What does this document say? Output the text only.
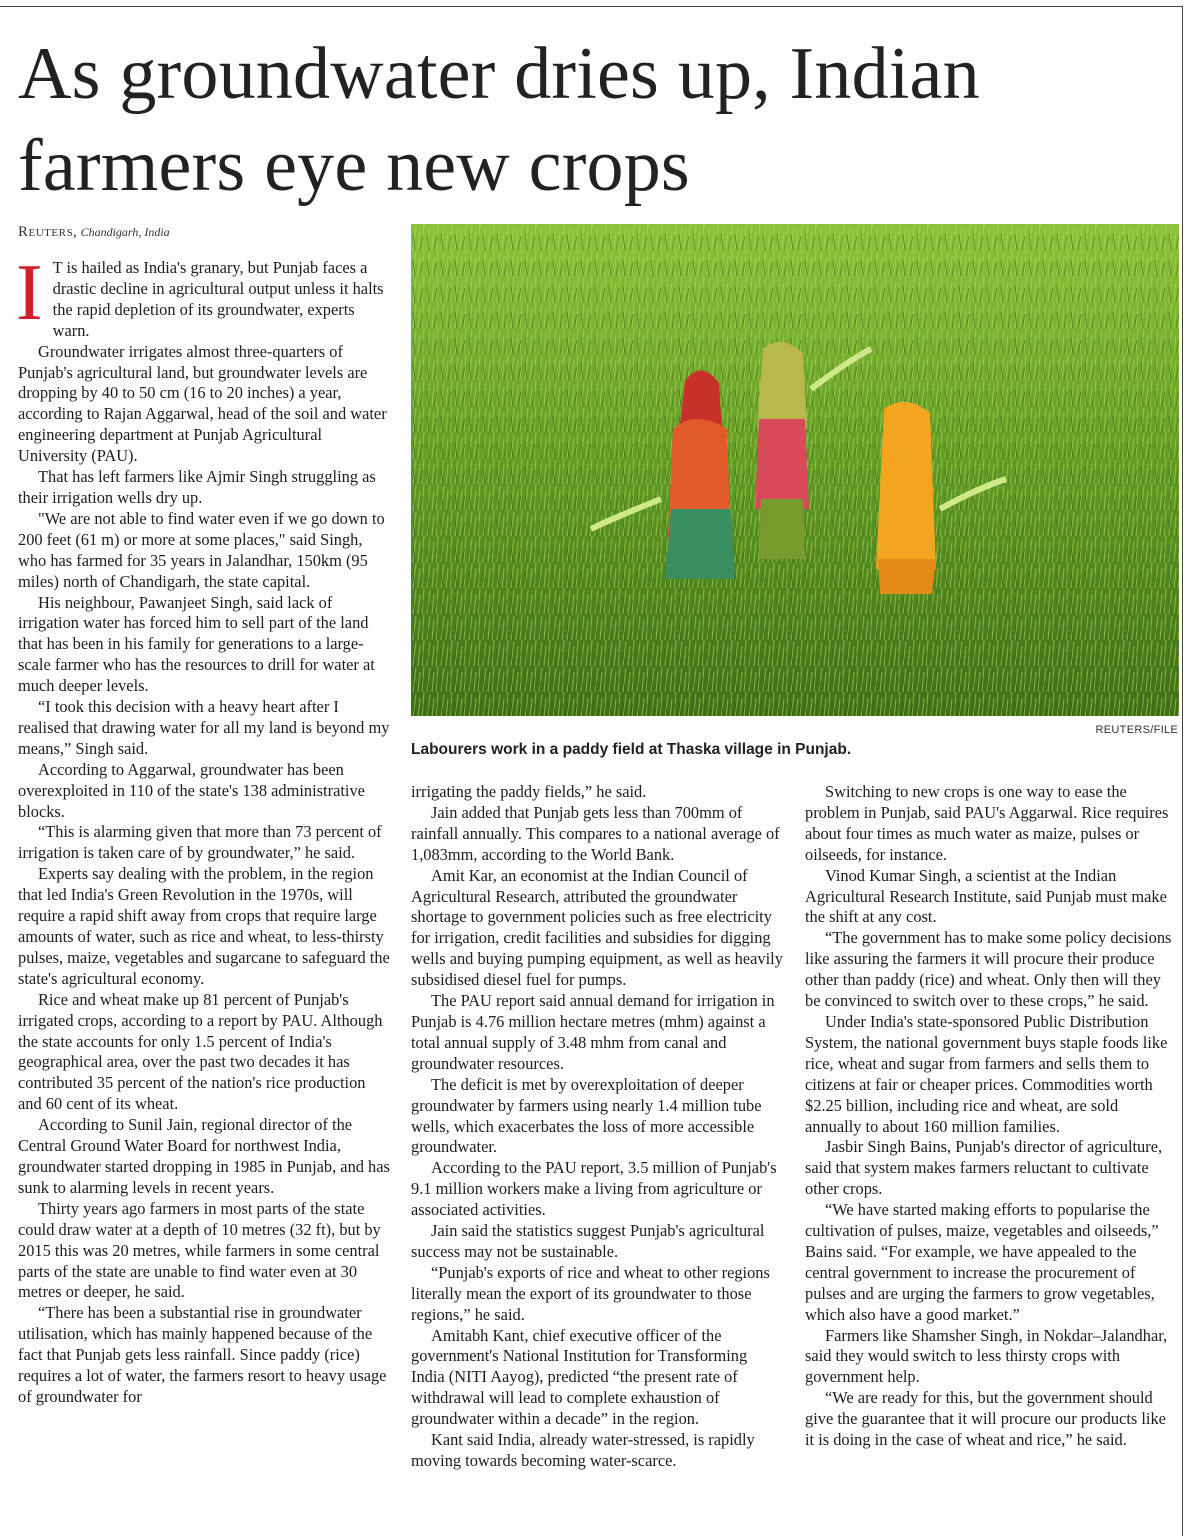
As groundwater dries up, Indian farmers eye new crops
Reuters, Chandigarh, India
I T is hailed as India's granary, but Punjab faces a drastic decline in agricultural output unless it halts the rapid depletion of its groundwater, experts warn.

Groundwater irrigates almost three-quarters of Punjab's agricultural land, but groundwater levels are dropping by 40 to 50 cm (16 to 20 inches) a year, according to Rajan Aggarwal, head of the soil and water engineering department at Punjab Agricultural University (PAU).

That has left farmers like Ajmir Singh struggling as their irrigation wells dry up.

"We are not able to find water even if we go down to 200 feet (61 m) or more at some places," said Singh, who has farmed for 35 years in Jalandhar, 150km (95 miles) north of Chandigarh, the state capital.

His neighbour, Pawanjeet Singh, said lack of irrigation water has forced him to sell part of the land that has been in his family for generations to a large-scale farmer who has the resources to drill for water at much deeper levels.

“I took this decision with a heavy heart after I realised that drawing water for all my land is beyond my means,” Singh said.

According to Aggarwal, groundwater has been overexploited in 110 of the state's 138 administrative blocks.

“This is alarming given that more than 73 percent of irrigation is taken care of by groundwater,” he said.

Experts say dealing with the problem, in the region that led India's Green Revolution in the 1970s, will require a rapid shift away from crops that require large amounts of water, such as rice and wheat, to less-thirsty pulses, maize, vegetables and sugarcane to safeguard the state's agricultural economy.

Rice and wheat make up 81 percent of Punjab's irrigated crops, according to a report by PAU. Although the state accounts for only 1.5 percent of India's geographical area, over the past two decades it has contributed 35 percent of the nation's rice production and 60 cent of its wheat.

According to Sunil Jain, regional director of the Central Ground Water Board for northwest India, groundwater started dropping in 1985 in Punjab, and has sunk to alarming levels in recent years.

Thirty years ago farmers in most parts of the state could draw water at a depth of 10 metres (32 ft), but by 2015 this was 20 metres, while farmers in some central parts of the state are unable to find water even at 30 metres or deeper, he said.

“There has been a substantial rise in groundwater utilisation, which has mainly happened because of the fact that Punjab gets less rainfall. Since paddy (rice) requires a lot of water, the farmers resort to heavy usage of groundwater for

REUTERS/FILE

Labourers work in a paddy field at Thaska village in Punjab.

irrigating the paddy fields,” he said.

Jain added that Punjab gets less than 700mm of rainfall annually. This compares to a national average of 1,083mm, according to the World Bank.

Amit Kar, an economist at the Indian Council of Agricultural Research, attributed the groundwater shortage to government policies such as free electricity for irrigation, credit facilities and subsidies for digging wells and buying pumping equipment, as well as heavily subsidised diesel fuel for pumps.

The PAU report said annual demand for irrigation in Punjab is 4.76 million hectare metres (mhm) against a total annual supply of 3.48 mhm from canal and groundwater resources.

The deficit is met by overexploitation of deeper groundwater by farmers using nearly 1.4 million tube wells, which exacerbates the loss of more accessible groundwater.

According to the PAU report, 3.5 million of Punjab's 9.1 million workers make a living from agriculture or associated activities.

Jain said the statistics suggest Punjab's agricultural success may not be sustainable.

“Punjab's exports of rice and wheat to other regions literally mean the export of its groundwater to those regions,” he said.

Amitabh Kant, chief executive officer of the government's National Institution for Transforming India (NITI Aayog), predicted “the present rate of withdrawal will lead to complete exhaustion of groundwater within a decade” in the region.

Kant said India, already water-stressed, is rapidly moving towards becoming water-scarce.

Switching to new crops is one way to ease the problem in Punjab, said PAU's Aggarwal. Rice requires about four times as much water as maize, pulses or oilseeds, for instance.

Vinod Kumar Singh, a scientist at the Indian Agricultural Research Institute, said Punjab must make the shift at any cost.

“The government has to make some policy decisions like assuring the farmers it will procure their produce other than paddy (rice) and wheat. Only then will they be convinced to switch over to these crops,” he said.

Under India's state-sponsored Public Distribution System, the national government buys staple foods like rice, wheat and sugar from farmers and sells them to citizens at fair or cheaper prices. Commodities worth $2.25 billion, including rice and wheat, are sold annually to about 160 million families.

Jasbir Singh Bains, Punjab's director of agriculture, said that system makes farmers reluctant to cultivate other crops.

“We have started making efforts to popularise the cultivation of pulses, maize, vegetables and oilseeds,” Bains said. “For example, we have appealed to the central government to increase the procurement of pulses and are urging the farmers to grow vegetables, which also have a good market.”

Farmers like Shamsher Singh, in Nokdar–Jalandhar, said they would switch to less thirsty crops with government help.

“We are ready for this, but the government should give the guarantee that it will procure our products like it is doing in the case of wheat and rice,” he said.
